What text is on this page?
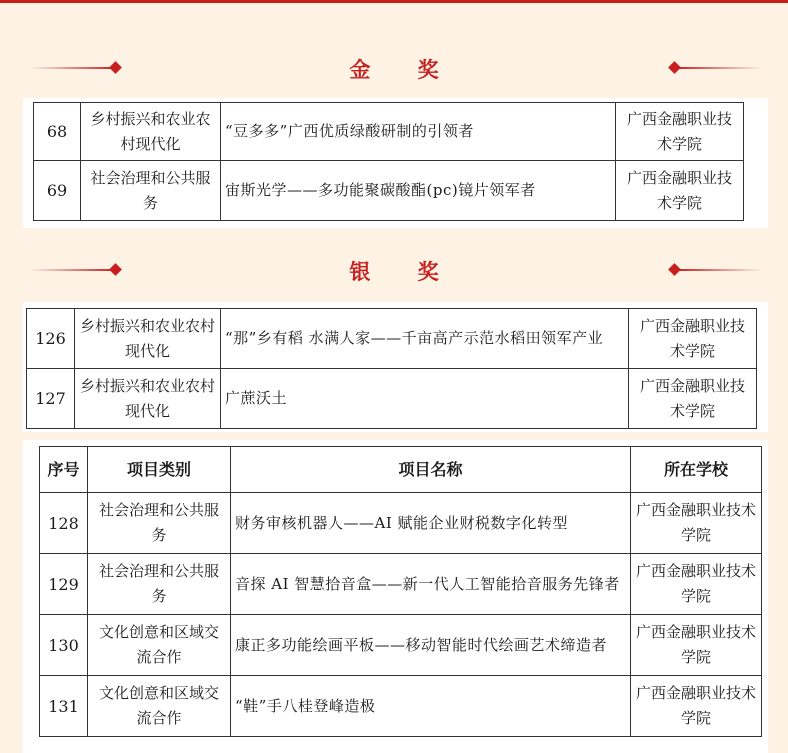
金 奖
68	乡村振兴和农业农村现代化	“豆多多”广西优质绿酸研制的引领者	广西金融职业技术学院
69	社会治理和公共服务	宙斯光学——多功能聚碳酸酯(pc)镜片领军者	广西金融职业技术学院
银 奖
126	乡村振兴和农业农村现代化	“那”乡有稻 水满人家——千亩高产示范水稻田领军产业	广西金融职业技术学院
127	乡村振兴和农业农村现代化	广蔗沃土	广西金融职业技术学院
序号	项目类别	项目名称	所在学校
128	社会治理和公共服务	财务审核机器人——AI 赋能企业财税数字化转型	广西金融职业技术学院
129	社会治理和公共服务	音探 AI 智慧拾音盒——新一代人工智能拾音服务先锋者	广西金融职业技术学院
130	文化创意和区域交流合作	康正多功能绘画平板——移动智能时代绘画艺术缔造者	广西金融职业技术学院
131	文化创意和区域交流合作	“鞋”手八桂登峰造极	广西金融职业技术学院
